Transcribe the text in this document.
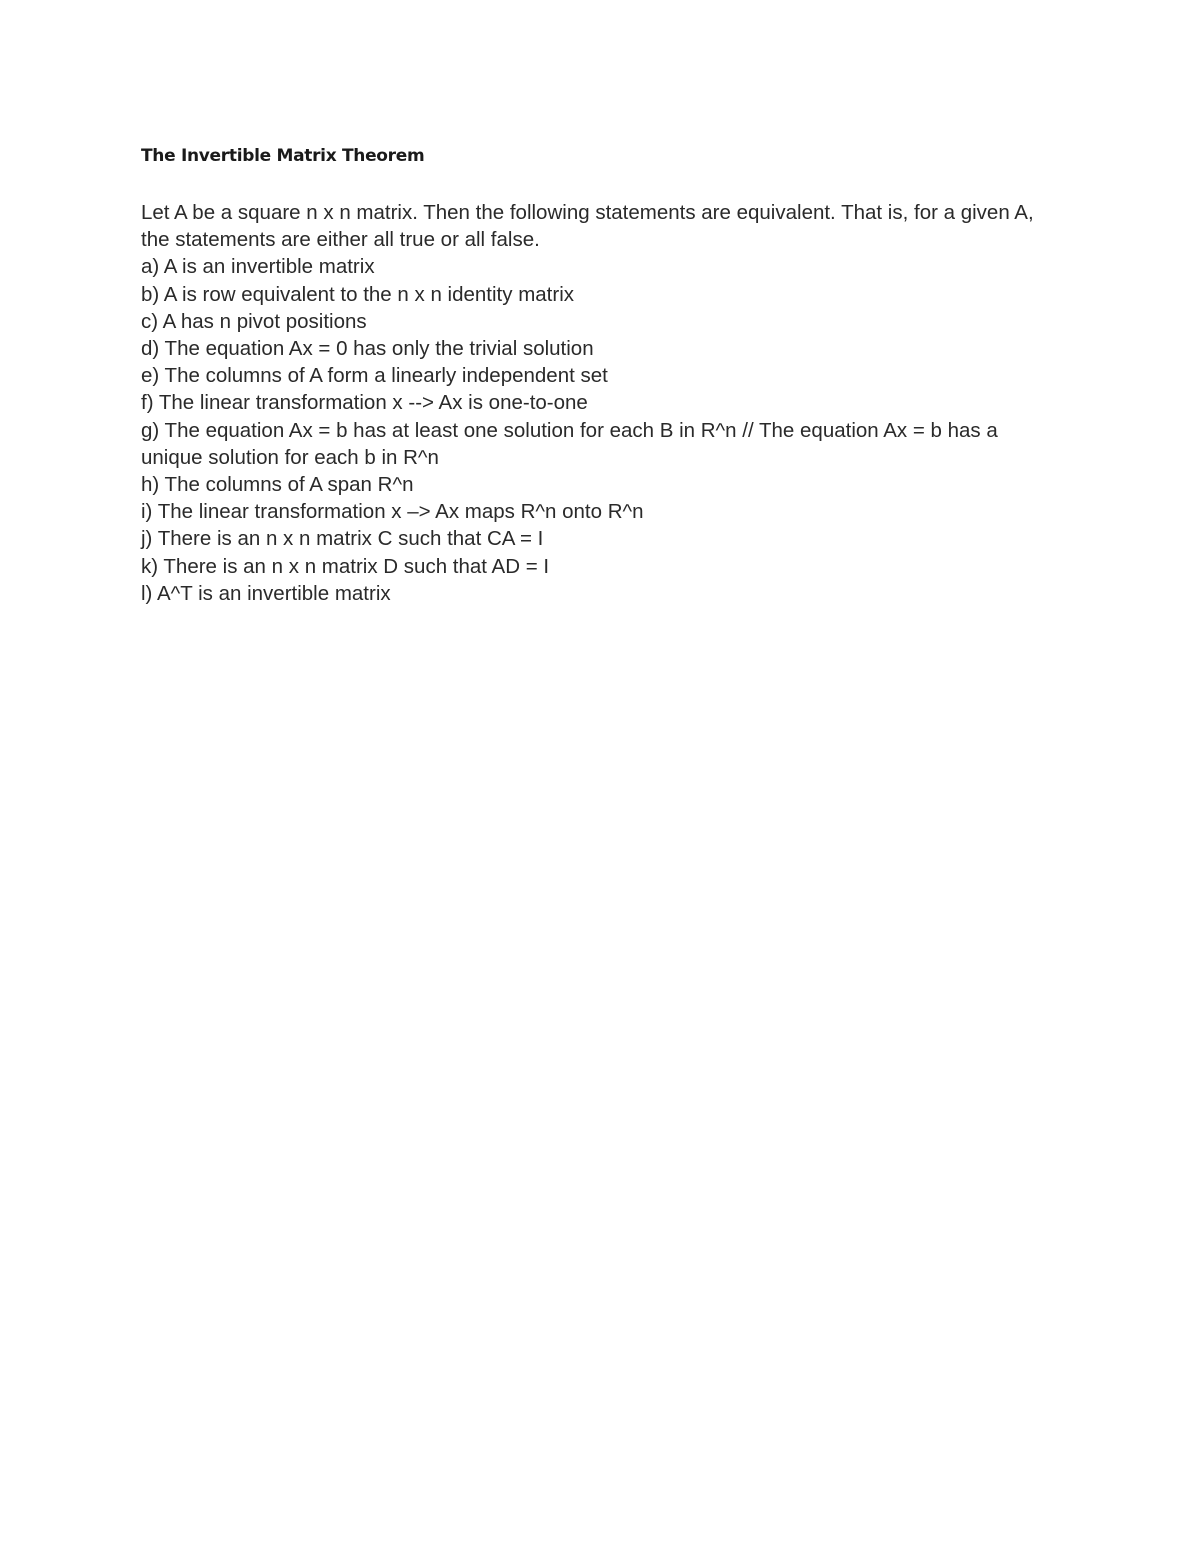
The Invertible Matrix Theorem

Let A be a square n x n matrix. Then the following statements are equivalent. That is, for a given A, the statements are either all true or all false.

a) A is an invertible matrix

b) A is row equivalent to the n x n identity matrix

c) A has n pivot positions

d) The equation Ax = 0 has only the trivial solution

e) The columns of A form a linearly independent set

f) The linear transformation x --> Ax is one-to-one

g) The equation Ax = b has at least one solution for each B in R^n // The equation Ax = b has a unique solution for each b in R^n

h) The columns of A span R^n

i) The linear transformation x –> Ax maps R^n onto R^n

j) There is an n x n matrix C such that CA = I

k) There is an n x n matrix D such that AD = I

l) A^T is an invertible matrix
